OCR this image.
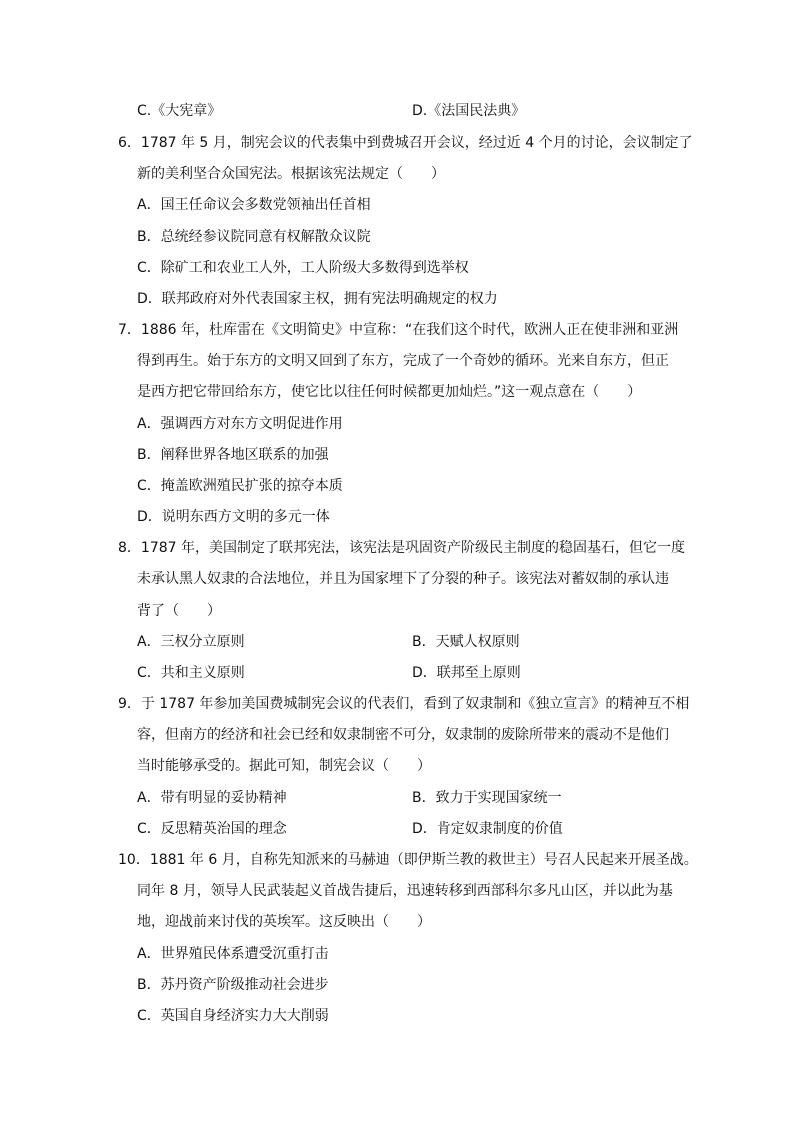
C.《大宪章》	D.《法国民法典》
6．1787 年 5 月，制宪会议的代表集中到费城召开会议，经过近 4 个月的讨论，会议制定了
新的美利坚合众国宪法。根据该宪法规定（　　）
A．国王任命议会多数党领袖出任首相
B．总统经参议院同意有权解散众议院
C．除矿工和农业工人外，工人阶级大多数得到选举权
D．联邦政府对外代表国家主权，拥有宪法明确规定的权力
7．1886 年，杜库雷在《文明简史》中宣称：“在我们这个时代，欧洲人正在使非洲和亚洲
得到再生。始于东方的文明又回到了东方，完成了一个奇妙的循环。光来自东方，但正
是西方把它带回给东方，使它比以往任何时候都更加灿烂。”这一观点意在（　　）
A．强调西方对东方文明促进作用
B．阐释世界各地区联系的加强
C．掩盖欧洲殖民扩张的掠夺本质
D．说明东西方文明的多元一体
8．1787 年，美国制定了联邦宪法，该宪法是巩固资产阶级民主制度的稳固基石，但它一度
未承认黑人奴隶的合法地位，并且为国家埋下了分裂的种子。该宪法对蓄奴制的承认违
背了（　　）
A．三权分立原则	B．天赋人权原则
C．共和主义原则	D．联邦至上原则
9．于 1787 年参加美国费城制宪会议的代表们，看到了奴隶制和《独立宣言》的精神互不相
容，但南方的经济和社会已经和奴隶制密不可分，奴隶制的废除所带来的震动不是他们
当时能够承受的。据此可知，制宪会议（　　）
A．带有明显的妥协精神	B．致力于实现国家统一
C．反思精英治国的理念	D．肯定奴隶制度的价值
10．1881 年 6 月，自称先知派来的马赫迪（即伊斯兰教的救世主）号召人民起来开展圣战。
同年 8 月，领导人民武装起义首战告捷后，迅速转移到西部科尔多凡山区，并以此为基
地，迎战前来讨伐的英埃军。这反映出（　　）
A．世界殖民体系遭受沉重打击
B．苏丹资产阶级推动社会进步
C．英国自身经济实力大大削弱
